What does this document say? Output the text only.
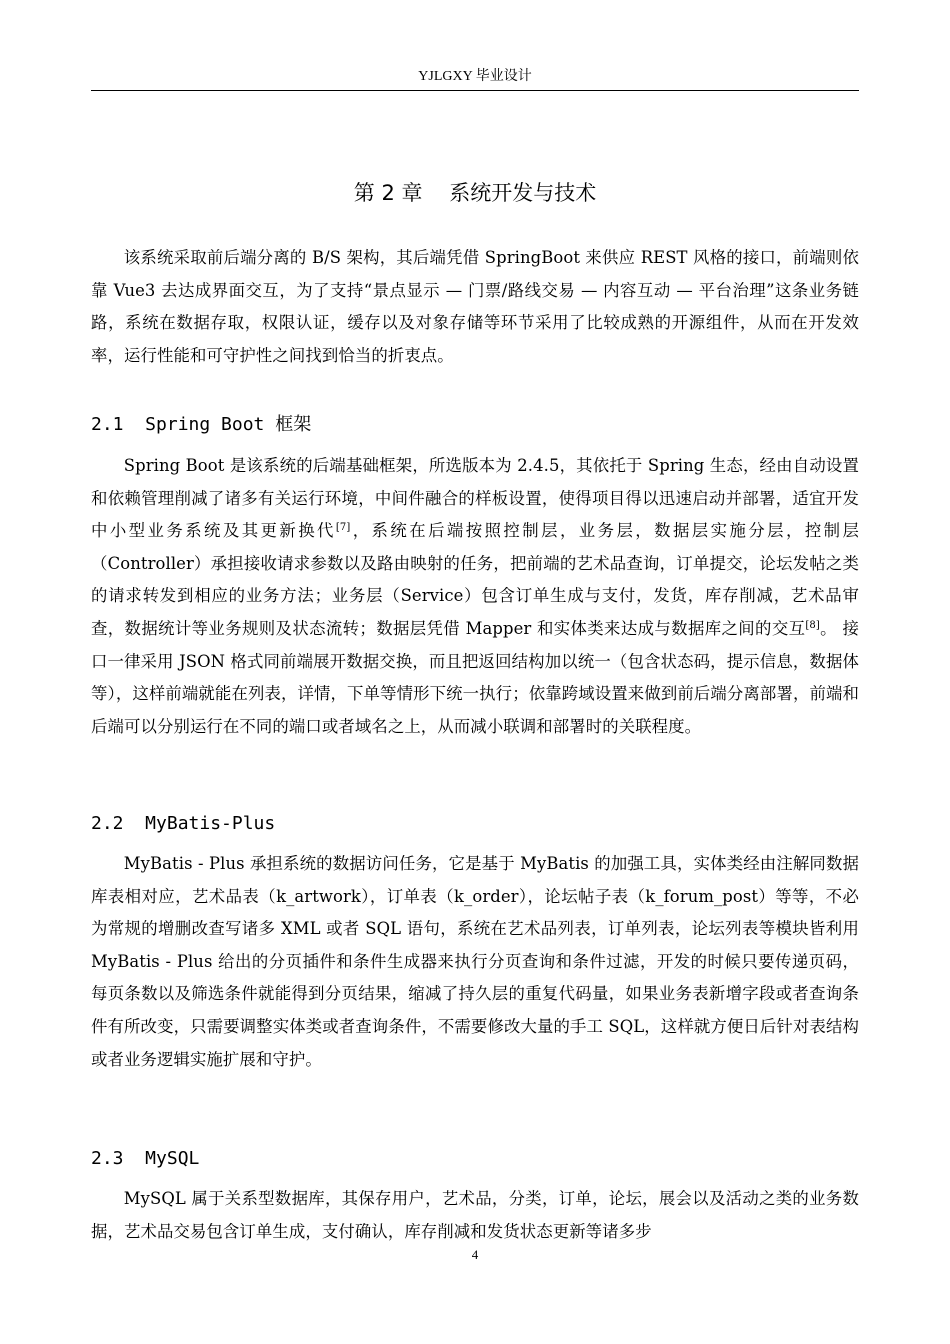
YJLGXY 毕业设计
第 2 章    系统开发与技术

该系统采取前后端分离的 B/S 架构，其后端凭借 SpringBoot 来供应 REST 风格的接口，前端则依靠 Vue3 去达成界面交互，为了支持“景点显示 — 门票/路线交易 — 内容互动 — 平台治理”这条业务链路，系统在数据存取，权限认证，缓存以及对象存储等环节采用了比较成熟的开源组件，从而在开发效率，运行性能和可守护性之间找到恰当的折衷点。

2.1  Spring Boot 框架

Spring Boot 是该系统的后端基础框架，所选版本为 2.4.5，其依托于 Spring 生态，经由自动设置和依赖管理削减了诸多有关运行环境，中间件融合的样板设置，使得项目得以迅速启动并部署，适宜开发中小型业务系统及其更新换代[7]，系统在后端按照控制层，业务层，数据层实施分层，控制层（Controller）承担接收请求参数以及路由映射的任务，把前端的艺术品查询，订单提交，论坛发帖之类的请求转发到相应的业务方法；业务层（Service）包含订单生成与支付，发货，库存削减，艺术品审查，数据统计等业务规则及状态流转；数据层凭借 Mapper 和实体类来达成与数据库之间的交互[8]。 接口一律采用 JSON 格式同前端展开数据交换，而且把返回结构加以统一（包含状态码，提示信息，数据体等），这样前端就能在列表，详情，下单等情形下统一执行；依靠跨域设置来做到前后端分离部署，前端和后端可以分别运行在不同的端口或者域名之上，从而减小联调和部署时的关联程度。

2.2  MyBatis-Plus

MyBatis - Plus 承担系统的数据访问任务，它是基于 MyBatis 的加强工具，实体类经由注解同数据库表相对应，艺术品表（k_artwork），订单表（k_order），论坛帖子表（k_forum_post）等等，不必为常规的增删改查写诸多 XML 或者 SQL 语句，系统在艺术品列表，订单列表，论坛列表等模块皆利用 MyBatis - Plus 给出的分页插件和条件生成器来执行分页查询和条件过滤，开发的时候只要传递页码，每页条数以及筛选条件就能得到分页结果，缩减了持久层的重复代码量，如果业务表新增字段或者查询条件有所改变，只需要调整实体类或者查询条件，不需要修改大量的手工 SQL，这样就方便日后针对表结构或者业务逻辑实施扩展和守护。

2.3  MySQL

MySQL 属于关系型数据库，其保存用户，艺术品，分类，订单，论坛，展会以及活动之类的业务数据，艺术品交易包含订单生成，支付确认，库存削减和发货状态更新等诸多步

4
